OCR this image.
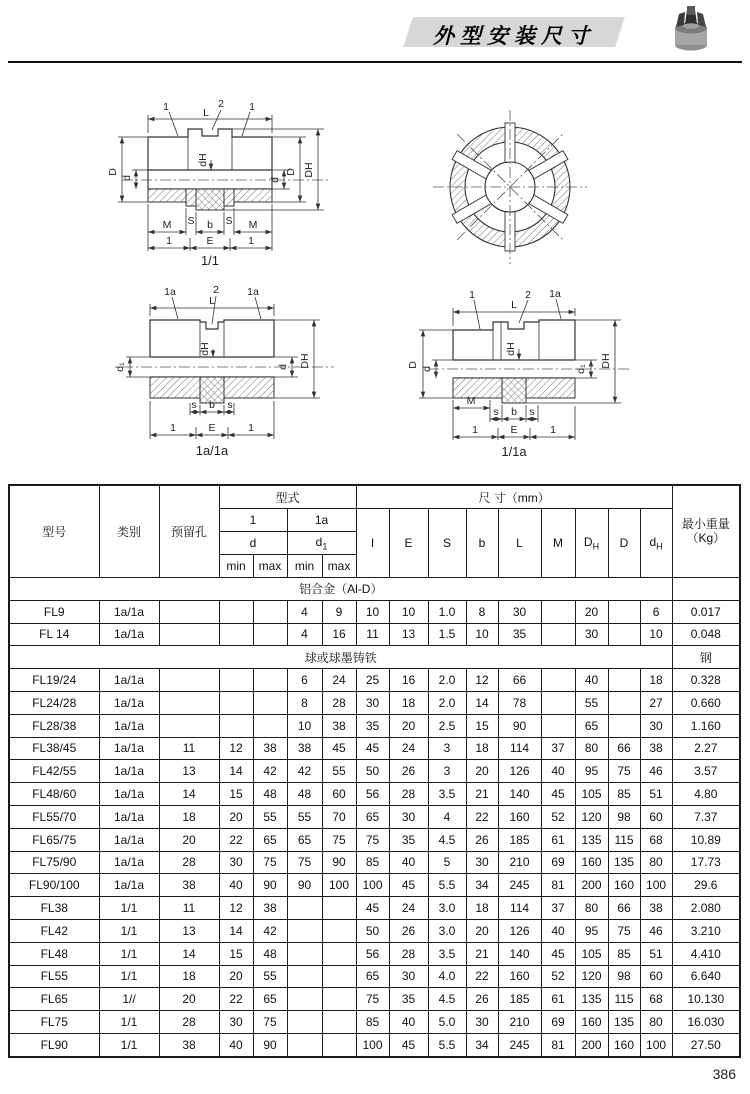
外型安装尺寸
L
1	2 1
D
d
dH
d
D DH
M S b S M
1	E	1
1/1
L
1a	2	1a
d₁
dH
d DH
s b s
1	E	1
1a/1a
L
1	2 1a
D
d
dH
d₁
DH
M
s b s
1	E	1
1/1a
型号	类别	预留孔	型式				尺 寸（mm）									最小重量
（Kg）

			1		1a		I	E	S	b	L	M	$D_H$	D	$d_H$
			d		$d_1$
			min	max	min	max										
铝合金（Al-D）																
FL9	1a/1a				4	9	10	10	1.0	8	30		20		6	0.017
FL 14	1a/1a				4	16	11	13	1.5	10	35		30		10	0.048
球或球墨铸铁																钢
FL19/24	1a/1a				6	24	25	16	2.0	12	66		40		18	0.328
FL24/28	1a/1a				8	28	30	18	2.0	14	78		55		27	0.660
FL28/38	1a/1a				10	38	35	20	2.5	15	90		65		30	1.160
FL38/45	1a/1a	11	12	38	38	45	45	24	3	18	114	37	80	66	38	2.27
FL42/55	1a/1a	13	14	42	42	55	50	26	3	20	126	40	95	75	46	3.57
FL48/60	1a/1a	14	15	48	48	60	56	28	3.5	21	140	45	105	85	51	4.80
FL55/70	1a/1a	18	20	55	55	70	65	30	4	22	160	52	120	98	60	7.37
FL65/75	1a/1a	20	22	65	65	75	75	35	4.5	26	185	61	135	115	68	10.89
FL75/90	1a/1a	28	30	75	75	90	85	40	5	30	210	69	160	135	80	17.73
FL90/100	1a/1a	38	40	90	90	100	100	45	5.5	34	245	81	200	160	100	29.6
FL38	1/1	11	12	38			45	24	3.0	18	114	37	80	66	38	2.080
FL42	1/1	13	14	42			50	26	3.0	20	126	40	95	75	46	3.210
FL48	1/1	14	15	48			56	28	3.5	21	140	45	105	85	51	4.410
FL55	1/1	18	20	55			65	30	4.0	22	160	52	120	98	60	6.640
FL65	1//	20	22	65			75	35	4.5	26	185	61	135	115	68	10.130
FL75	1/1	28	30	75			85	40	5.0	30	210	69	160	135	80	16.030
FL90	1/1	38	40	90			100	45	5.5	34	245	81	200	160	100	27.50
386
